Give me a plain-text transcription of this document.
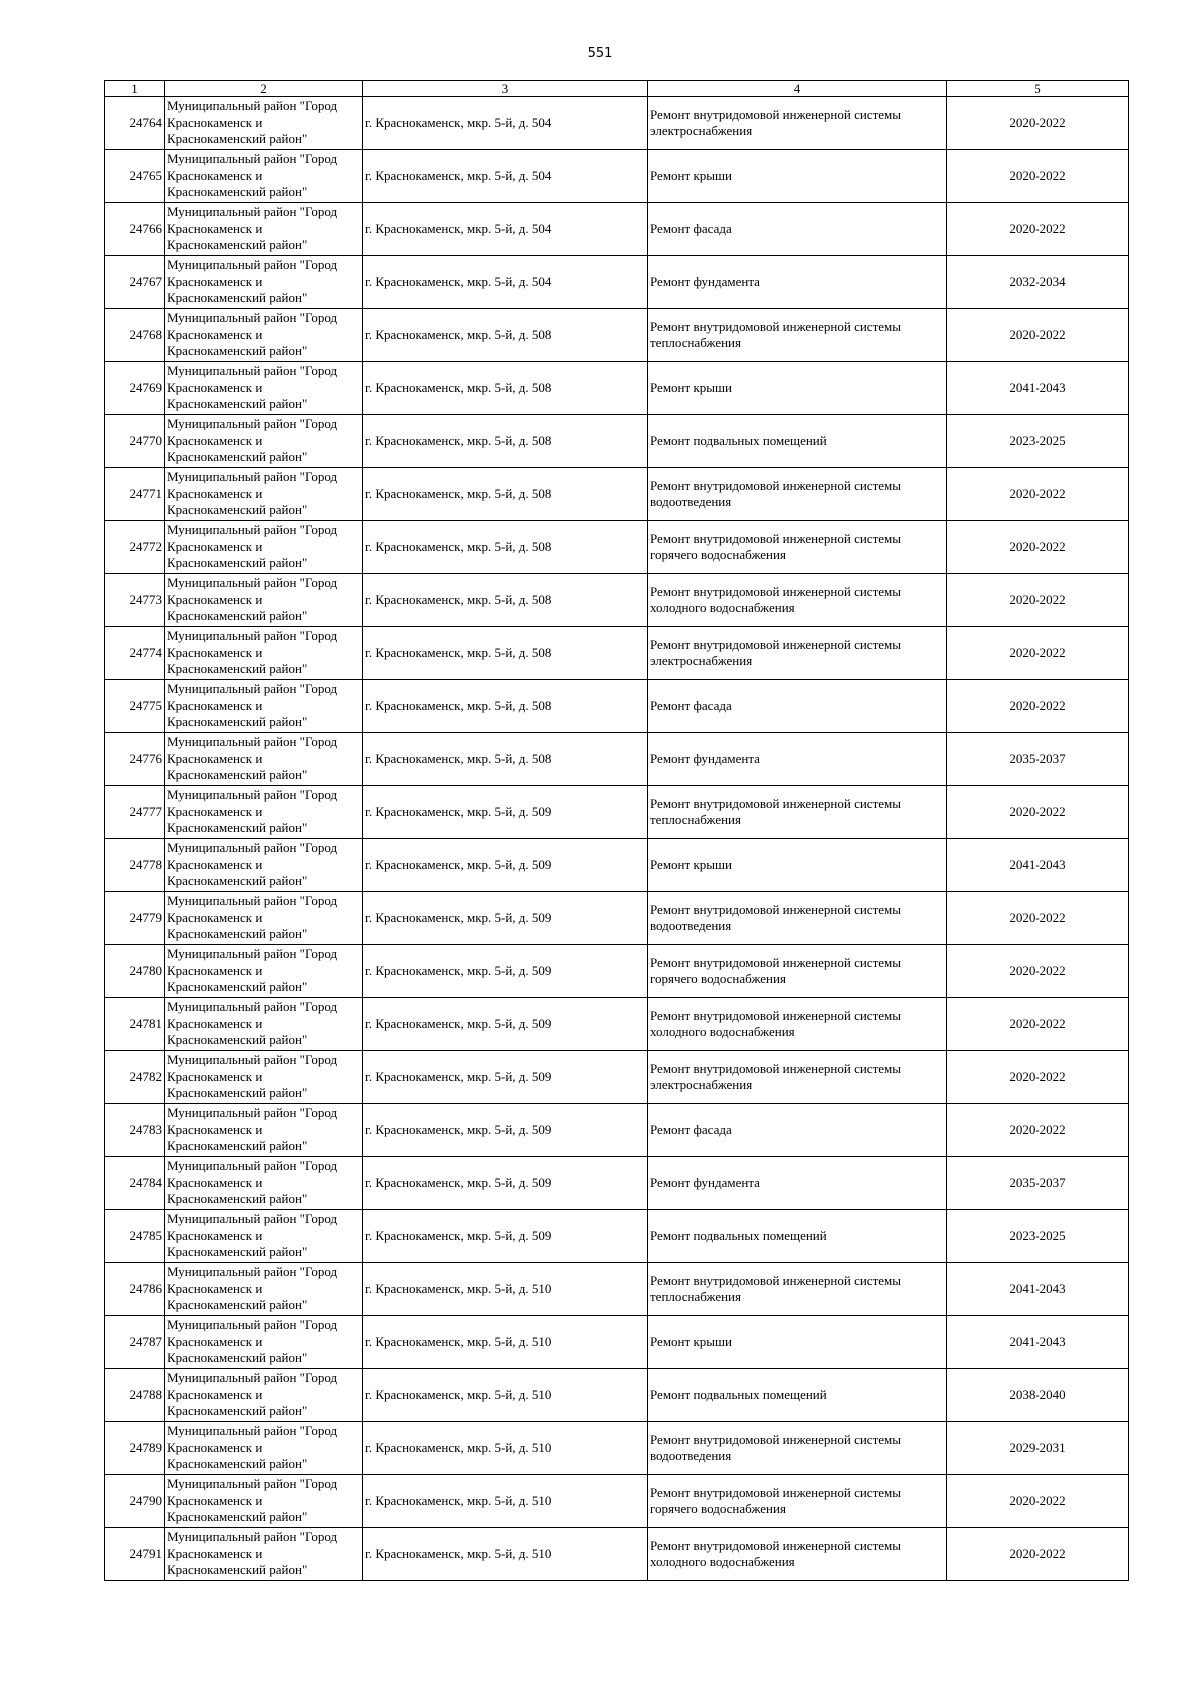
551
1	2	3	4	5
24764	Муниципальный район "Город Краснокаменск и Краснокаменский район"	г. Краснокаменск, мкр. 5-й, д. 504	Ремонт внутридомовой инженерной системы электроснабжения	2020-2022
24765	Муниципальный район "Город Краснокаменск и Краснокаменский район"	г. Краснокаменск, мкр. 5-й, д. 504	Ремонт крыши	2020-2022
24766	Муниципальный район "Город Краснокаменск и Краснокаменский район"	г. Краснокаменск, мкр. 5-й, д. 504	Ремонт фасада	2020-2022
24767	Муниципальный район "Город Краснокаменск и Краснокаменский район"	г. Краснокаменск, мкр. 5-й, д. 504	Ремонт фундамента	2032-2034
24768	Муниципальный район "Город Краснокаменск и Краснокаменский район"	г. Краснокаменск, мкр. 5-й, д. 508	Ремонт внутридомовой инженерной системы теплоснабжения	2020-2022
24769	Муниципальный район "Город Краснокаменск и Краснокаменский район"	г. Краснокаменск, мкр. 5-й, д. 508	Ремонт крыши	2041-2043
24770	Муниципальный район "Город Краснокаменск и Краснокаменский район"	г. Краснокаменск, мкр. 5-й, д. 508	Ремонт подвальных помещений	2023-2025
24771	Муниципальный район "Город Краснокаменск и Краснокаменский район"	г. Краснокаменск, мкр. 5-й, д. 508	Ремонт внутридомовой инженерной системы водоотведения	2020-2022
24772	Муниципальный район "Город Краснокаменск и Краснокаменский район"	г. Краснокаменск, мкр. 5-й, д. 508	Ремонт внутридомовой инженерной системы горячего водоснабжения	2020-2022
24773	Муниципальный район "Город Краснокаменск и Краснокаменский район"	г. Краснокаменск, мкр. 5-й, д. 508	Ремонт внутридомовой инженерной системы холодного водоснабжения	2020-2022
24774	Муниципальный район "Город Краснокаменск и Краснокаменский район"	г. Краснокаменск, мкр. 5-й, д. 508	Ремонт внутридомовой инженерной системы электроснабжения	2020-2022
24775	Муниципальный район "Город Краснокаменск и Краснокаменский район"	г. Краснокаменск, мкр. 5-й, д. 508	Ремонт фасада	2020-2022
24776	Муниципальный район "Город Краснокаменск и Краснокаменский район"	г. Краснокаменск, мкр. 5-й, д. 508	Ремонт фундамента	2035-2037
24777	Муниципальный район "Город Краснокаменск и Краснокаменский район"	г. Краснокаменск, мкр. 5-й, д. 509	Ремонт внутридомовой инженерной системы теплоснабжения	2020-2022
24778	Муниципальный район "Город Краснокаменск и Краснокаменский район"	г. Краснокаменск, мкр. 5-й, д. 509	Ремонт крыши	2041-2043
24779	Муниципальный район "Город Краснокаменск и Краснокаменский район"	г. Краснокаменск, мкр. 5-й, д. 509	Ремонт внутридомовой инженерной системы водоотведения	2020-2022
24780	Муниципальный район "Город Краснокаменск и Краснокаменский район"	г. Краснокаменск, мкр. 5-й, д. 509	Ремонт внутридомовой инженерной системы горячего водоснабжения	2020-2022
24781	Муниципальный район "Город Краснокаменск и Краснокаменский район"	г. Краснокаменск, мкр. 5-й, д. 509	Ремонт внутридомовой инженерной системы холодного водоснабжения	2020-2022
24782	Муниципальный район "Город Краснокаменск и Краснокаменский район"	г. Краснокаменск, мкр. 5-й, д. 509	Ремонт внутридомовой инженерной системы электроснабжения	2020-2022
24783	Муниципальный район "Город Краснокаменск и Краснокаменский район"	г. Краснокаменск, мкр. 5-й, д. 509	Ремонт фасада	2020-2022
24784	Муниципальный район "Город Краснокаменск и Краснокаменский район"	г. Краснокаменск, мкр. 5-й, д. 509	Ремонт фундамента	2035-2037
24785	Муниципальный район "Город Краснокаменск и Краснокаменский район"	г. Краснокаменск, мкр. 5-й, д. 509	Ремонт подвальных помещений	2023-2025
24786	Муниципальный район "Город Краснокаменск и Краснокаменский район"	г. Краснокаменск, мкр. 5-й, д. 510	Ремонт внутридомовой инженерной системы теплоснабжения	2041-2043
24787	Муниципальный район "Город Краснокаменск и Краснокаменский район"	г. Краснокаменск, мкр. 5-й, д. 510	Ремонт крыши	2041-2043
24788	Муниципальный район "Город Краснокаменск и Краснокаменский район"	г. Краснокаменск, мкр. 5-й, д. 510	Ремонт подвальных помещений	2038-2040
24789	Муниципальный район "Город Краснокаменск и Краснокаменский район"	г. Краснокаменск, мкр. 5-й, д. 510	Ремонт внутридомовой инженерной системы водоотведения	2029-2031
24790	Муниципальный район "Город Краснокаменск и Краснокаменский район"	г. Краснокаменск, мкр. 5-й, д. 510	Ремонт внутридомовой инженерной системы горячего водоснабжения	2020-2022
24791	Муниципальный район "Город Краснокаменск и Краснокаменский район"	г. Краснокаменск, мкр. 5-й, д. 510	Ремонт внутридомовой инженерной системы холодного водоснабжения	2020-2022
